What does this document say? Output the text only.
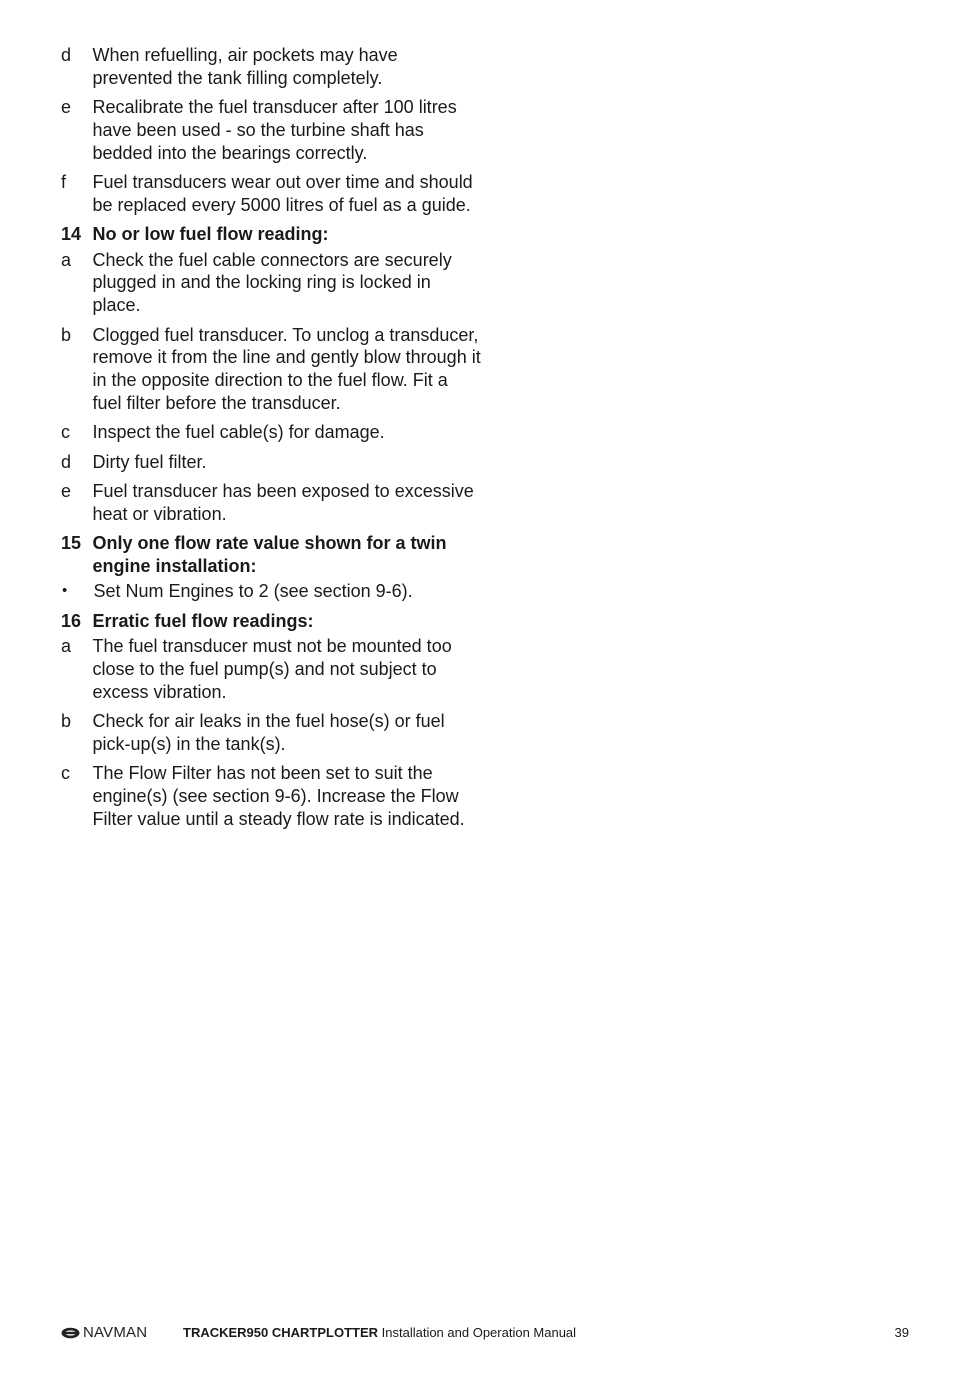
d	When refuelling, air pockets may have prevented the tank filling completely.
e	Recalibrate the fuel transducer after 100 litres have been used - so the turbine shaft has bedded into the bearings correctly.
f	Fuel transducers wear out over time and should be replaced every 5000 litres of fuel as a guide.
14 No or low fuel flow reading:
a	Check the fuel cable connectors are securely plugged in and the locking ring is locked in place.
b	Clogged fuel transducer. To unclog a transducer, remove it from the line and gently blow through it in the opposite direction to the fuel flow. Fit a fuel filter before the transducer.
c	Inspect the fuel cable(s) for damage.
d	Dirty fuel filter.
e	Fuel transducer has been exposed to excessive heat or vibration.
15 Only one flow rate value shown for a twin engine installation:
•	Set Num Engines to 2 (see section 9-6).
16 Erratic fuel flow readings:
a	The fuel transducer must not be mounted too close to the fuel pump(s) and not subject to excess vibration.
b	Check for air leaks in the fuel hose(s) or fuel pick-up(s) in the tank(s).
c	The Flow Filter has not been set to suit the engine(s) (see section 9-6). Increase the Flow Filter value until a steady flow rate is indicated.
NAVMAN	TRACKER950 CHARTPLOTTER Installation and Operation Manual	39
